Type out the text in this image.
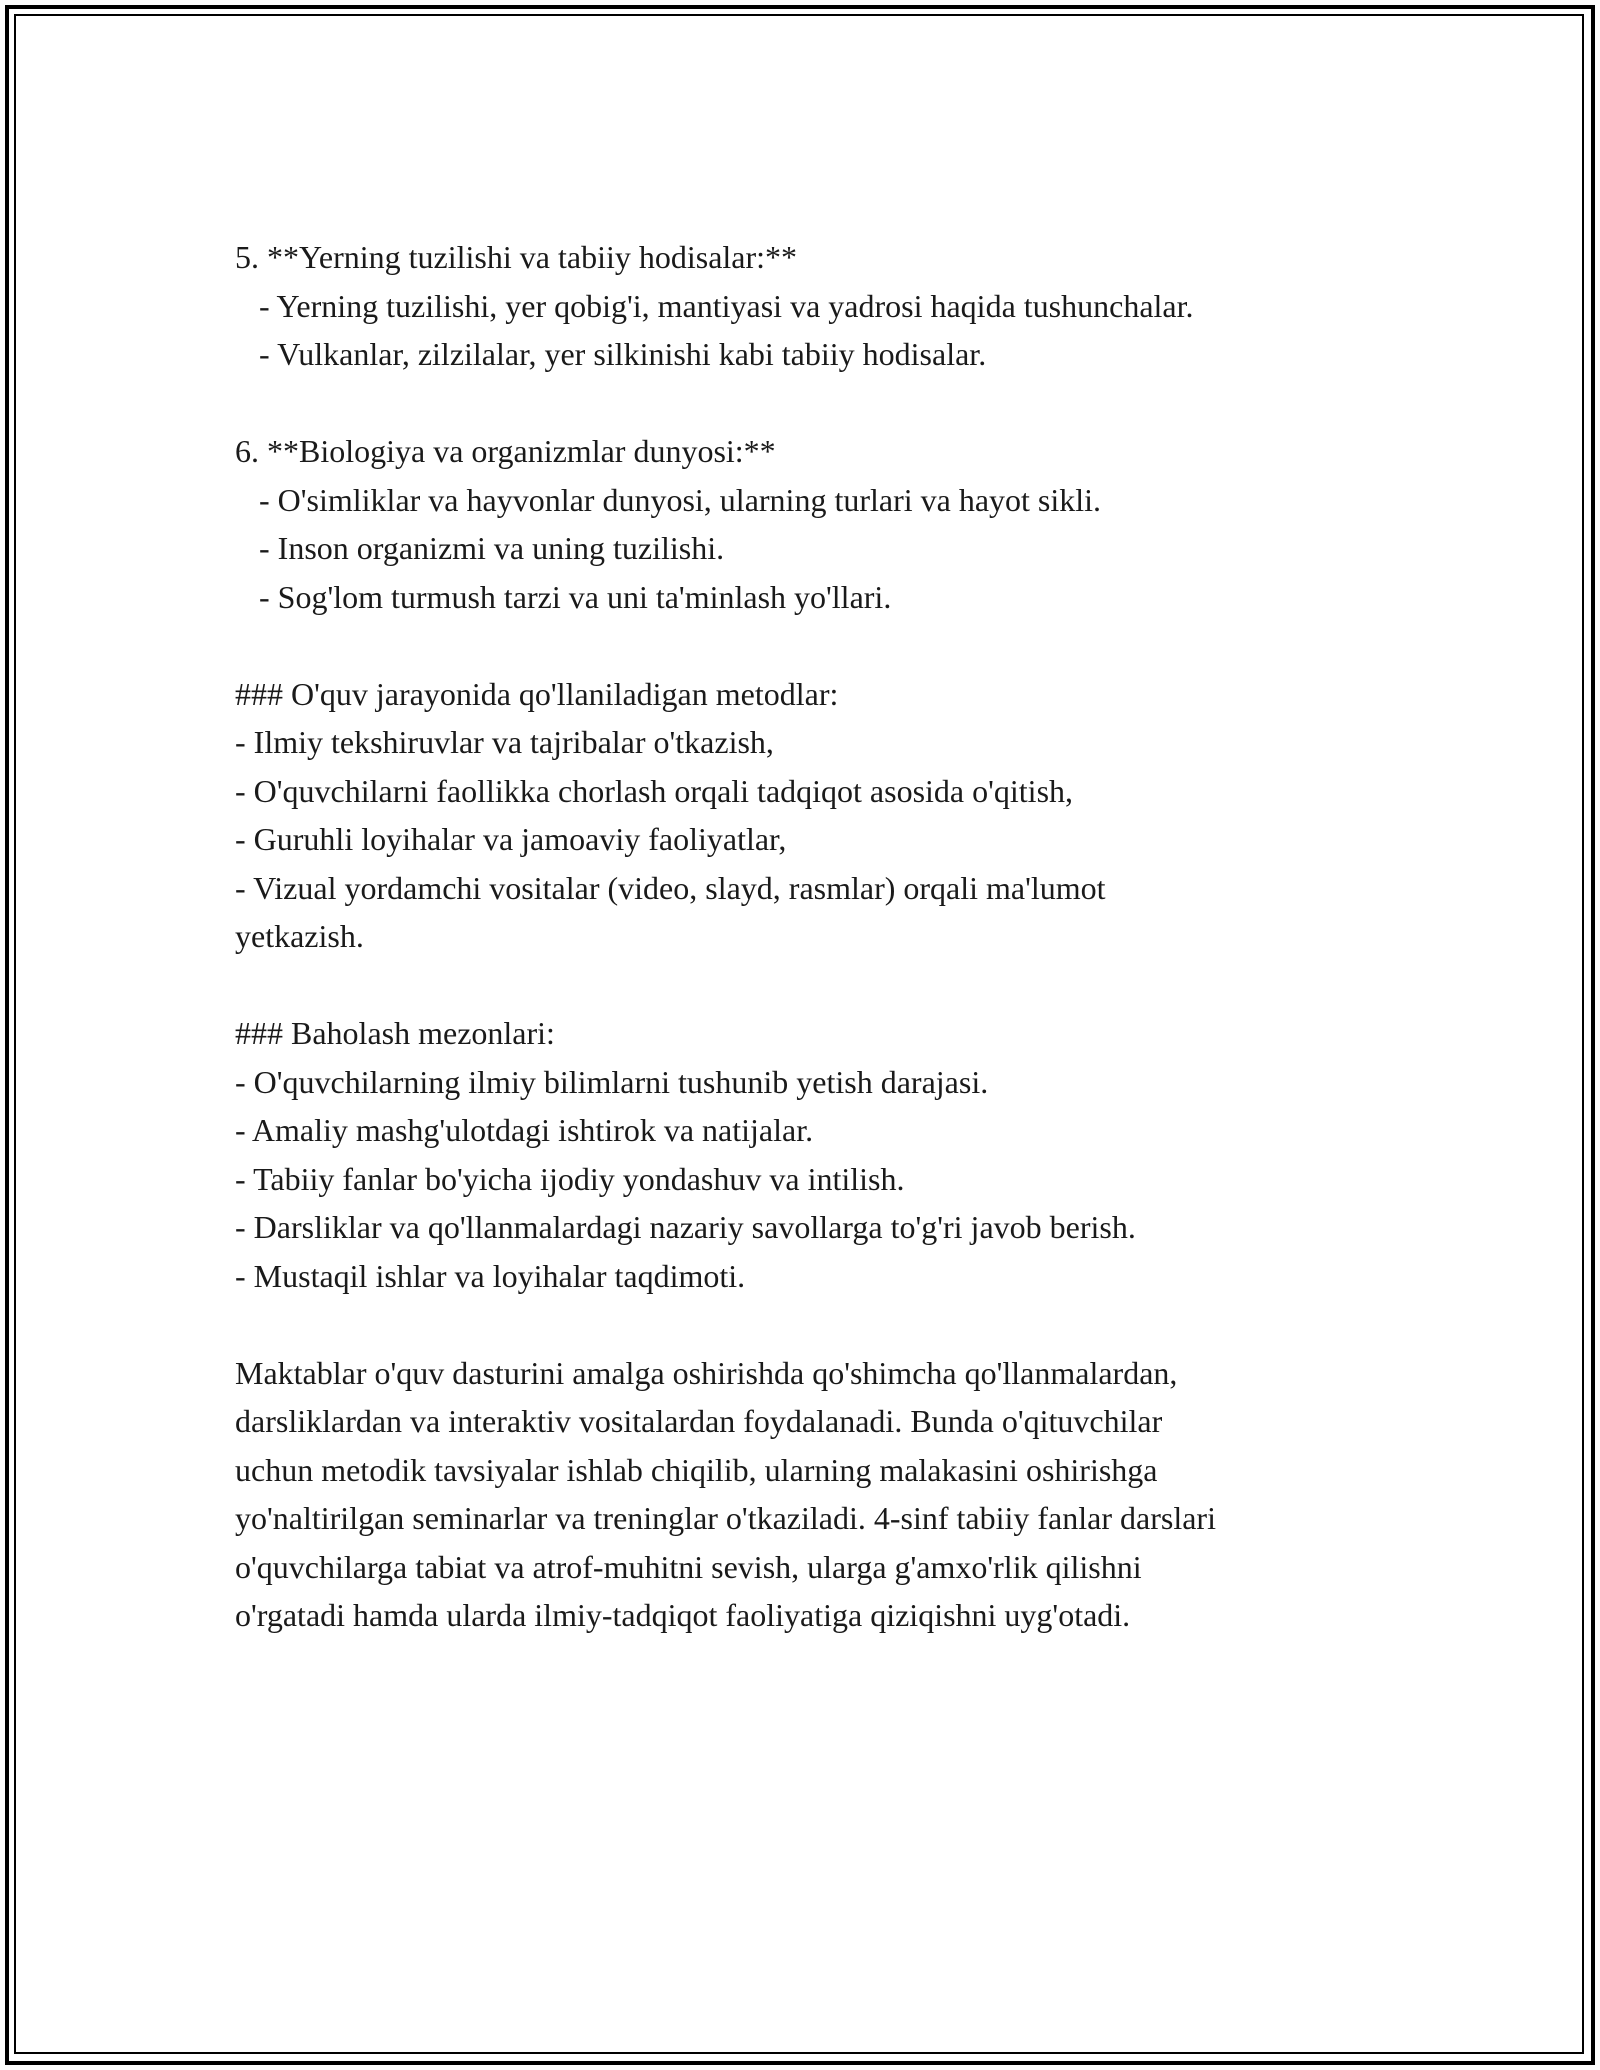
5. **Yerning tuzilishi va tabiiy hodisalar:**

- Yerning tuzilishi, yer qobig'i, mantiyasi va yadrosi haqida tushunchalar.

- Vulkanlar, zilzilalar, yer silkinishi kabi tabiiy hodisalar.

6. **Biologiya va organizmlar dunyosi:**

- O'simliklar va hayvonlar dunyosi, ularning turlari va hayot sikli.

- Inson organizmi va uning tuzilishi.

- Sog'lom turmush tarzi va uni ta'minlash yo'llari.

### O'quv jarayonida qo'llaniladigan metodlar:

- Ilmiy tekshiruvlar va tajribalar o'tkazish,

- O'quvchilarni faollikka chorlash orqali tadqiqot asosida o'qitish,

- Guruhli loyihalar va jamoaviy faoliyatlar,

- Vizual yordamchi vositalar (video, slayd, rasmlar) orqali ma'lumot

yetkazish.

### Baholash mezonlari:

- O'quvchilarning ilmiy bilimlarni tushunib yetish darajasi.

- Amaliy mashg'ulotdagi ishtirok va natijalar.

- Tabiiy fanlar bo'yicha ijodiy yondashuv va intilish.

- Darsliklar va qo'llanmalardagi nazariy savollarga to'g'ri javob berish.

- Mustaqil ishlar va loyihalar taqdimoti.

Maktablar o'quv dasturini amalga oshirishda qo'shimcha qo'llanmalardan,

darsliklardan va interaktiv vositalardan foydalanadi. Bunda o'qituvchilar

uchun metodik tavsiyalar ishlab chiqilib, ularning malakasini oshirishga

yo'naltirilgan seminarlar va treninglar o'tkaziladi. 4-sinf tabiiy fanlar darslari

o'quvchilarga tabiat va atrof-muhitni sevish, ularga g'amxo'rlik qilishni

o'rgatadi hamda ularda ilmiy-tadqiqot faoliyatiga qiziqishni uyg'otadi.
